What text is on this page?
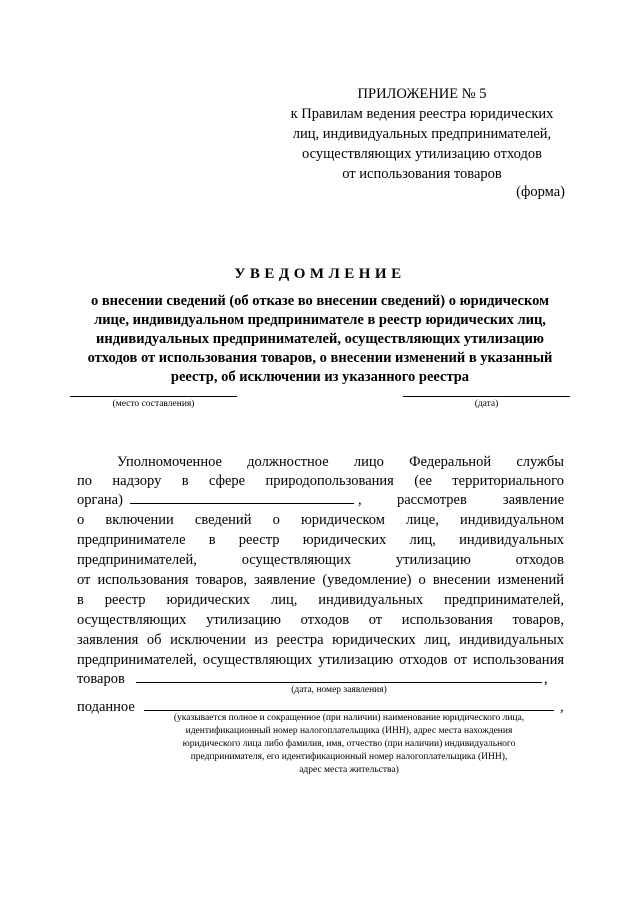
ПРИЛОЖЕНИЕ № 5
к Правилам ведения реестра юридических
лиц, индивидуальных предпринимателей,
осуществляющих утилизацию отходов
от использования товаров
(форма)
УВЕДОМЛЕНИЕ
о внесении сведений (об отказе во внесении сведений) о юридическом
лице, индивидуальном предпринимателе в реестр юридических лиц,
индивидуальных предпринимателей, осуществляющих утилизацию
отходов от использования товаров, о внесении изменений в указанный
реестр, об исключении из указанного реестра
(место составления)	(дата)
Уполномоченное должностное лицо Федеральной службы
по надзору в сфере природопользования (ее территориального
органа)	, рассмотрев заявление
о включении сведений о юридическом лице, индивидуальном
предпринимателе в реестр юридических лиц, индивидуальных
предпринимателей, осуществляющих утилизацию отходов
от использования товаров, заявление (уведомление) о внесении изменений
в реестр юридических лиц, индивидуальных предпринимателей,
осуществляющих утилизацию отходов от использования товаров,
заявления об исключении из реестра юридических лиц, индивидуальных
предпринимателей, осуществляющих утилизацию отходов от использования
товаров	,
(дата, номер заявления)
поданное	,
(указывается полное и сокращенное (при наличии) наименование юридического лица,
идентификационный номер налогоплательщика (ИНН), адрес места нахождения
юридического лица либо фамилия, имя, отчество (при наличии) индивидуального
предпринимателя, его идентификационный номер налогоплательщика (ИНН),
адрес места жительства)
